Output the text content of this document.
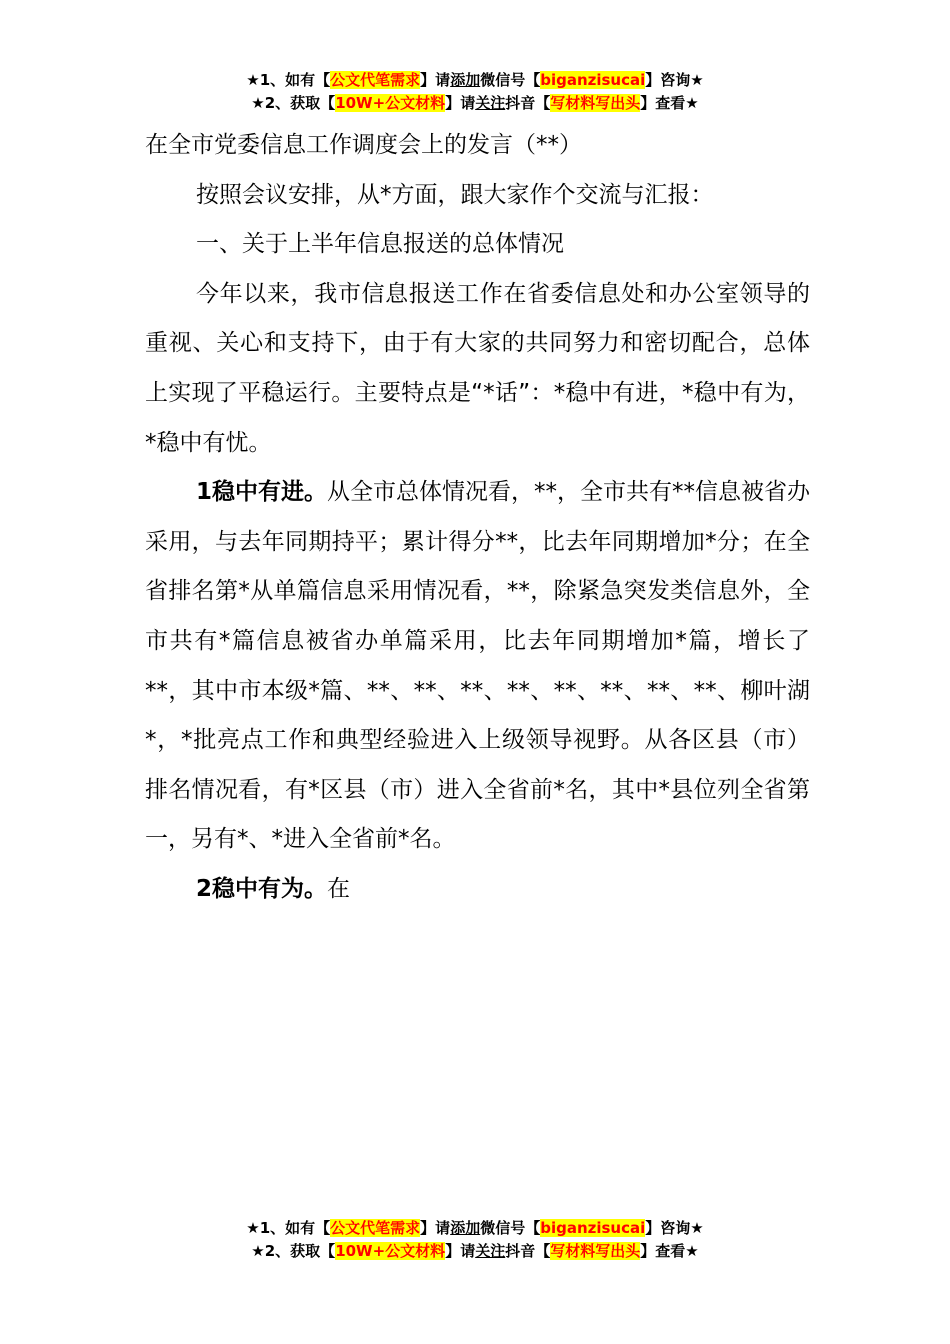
★1、如有【公文代笔需求】请添加微信号【biganzisucai】咨询★
★2、获取【10W+公文材料】请关注抖音【写材料写出头】查看★

在全市党委信息工作调度会上的发言（**）

按照会议安排，从*方面，跟大家作个交流与汇报：

一、关于上半年信息报送的总体情况

今年以来，我市信息报送工作在省委信息处和办公室领导的重视、关心和支持下，由于有大家的共同努力和密切配合，总体上实现了平稳运行。主要特点是“*话”：*稳中有进，*稳中有为，*稳中有忧。

1稳中有进。从全市总体情况看，**，全市共有**信息被省办采用，与去年同期持平；累计得分**，比去年同期增加*分；在全省排名第*从单篇信息采用情况看，**，除紧急突发类信息外，全市共有*篇信息被省办单篇采用，比去年同期增加*篇，增长了**，其中市本级*篇、**、**、**、**、**、**、**、**、柳叶湖*，*批亮点工作和典型经验进入上级领导视野。从各区县（市）排名情况看，有*区县（市）进入全省前*名，其中*县位列全省第一，另有*、*进入全省前*名。

2稳中有为。在

★1、如有【公文代笔需求】请添加微信号【biganzisucai】咨询★
★2、获取【10W+公文材料】请关注抖音【写材料写出头】查看★
